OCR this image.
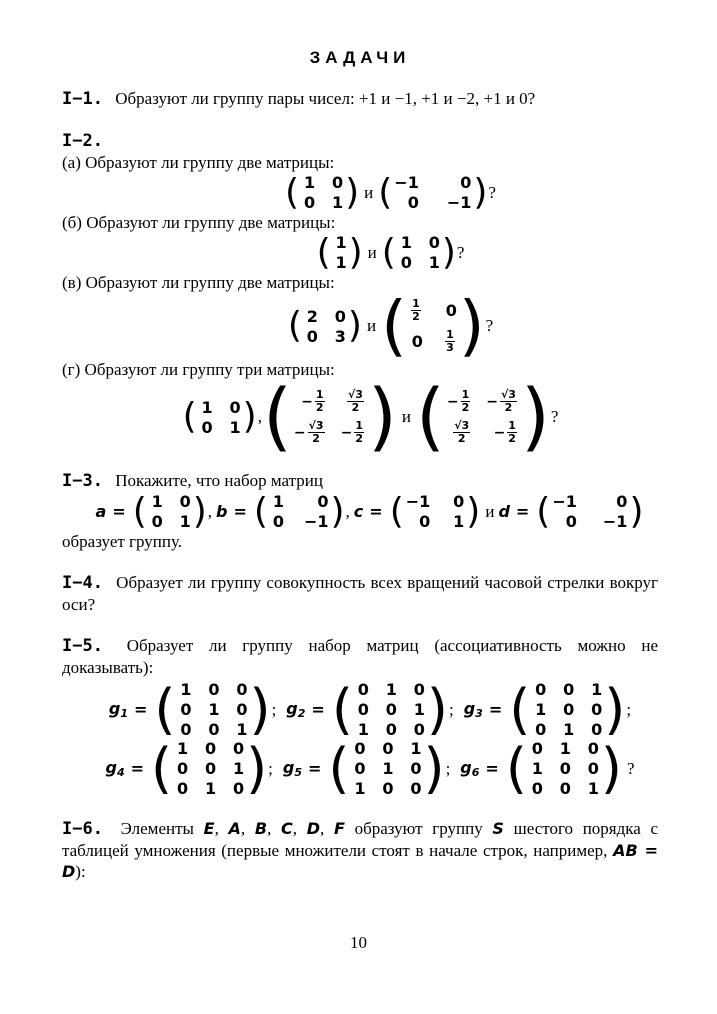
ЗАДАЧИ
I−1. Образуют ли группу пары чисел: +1 и −1, +1 и −2, +1 и 0?
I−2.
(а) Образуют ли группу две матрицы:
( 1 0
0 1 ) и ( −1	0
0 −1 ) ?
(б) Образуют ли группу две матрицы:
( 1
1 ) и ( 1 0
0 1 ) ?
(в) Образуют ли группу две матрицы:
( 2 0
0 3 ) и ( $\frac{1}{2} 0$
$0 \frac{1}{3}$ ) ?
(г) Образуют ли группу три матрицы:
( 1 0
0 1 ) , ( − $\frac{1}{2} \frac{√3}{2}$
− $\frac{√3}{2} - \frac{1}{2}$ ) и ( − $\frac{1}{2} - \frac{√3}{2}$
$\frac{√3}{2}$	− $\frac{1}{2}$ ) ?
I−3. Покажите, что набор матриц
a = ( 1 0
0 1 ) , b = ( 1	0
0 −1 ) , c = ( −1 0
0 1 ) и d = ( −1	0
0 −1 )
образует группу.
I−4. Образует ли группу совокупность всех вращений часовой стрелки вокруг оси?
I−5. Образует ли группу набор матриц (ассоциативность можно не доказывать):
$g_1$ = ( 1 0 0
0 1 0
0 0 1 ) ; $g_2$ = ( 0 1 0
0 0 1
1 0 0 ) ; $g_3$ = ( 0 0 1
1 0 0
0 1 0 ) ;
$g_4$ = ( 1 0 0
0 0 1
0 1 0 ) ; $g_5$ = ( 0 0 1
0 1 0
1 0 0 ) ; $g_6$ = ( 0 1 0
1 0 0
0 0 1 ) ?
I−6. Элементы E, A, B, C, D, F образуют группу S шестого порядка с таблицей умножения (первые множители стоят в начале строк, например, AB = D):
10
